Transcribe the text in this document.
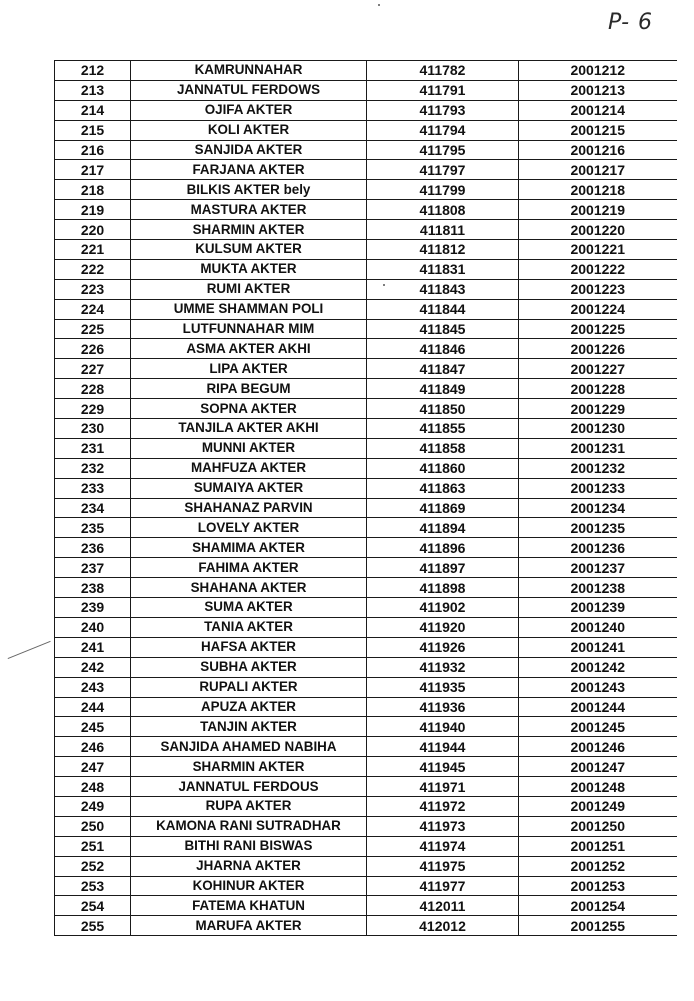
P- 6
212	KAMRUNNAHAR	411782	2001212
213	JANNATUL FERDOWS	411791	2001213
214	OJIFA AKTER	411793	2001214
215	KOLI AKTER	411794	2001215
216	SANJIDA AKTER	411795	2001216
217	FARJANA AKTER	411797	2001217
218	BILKIS AKTER bely	411799	2001218
219	MASTURA AKTER	411808	2001219
220	SHARMIN AKTER	411811	2001220
221	KULSUM AKTER	411812	2001221
222	MUKTA AKTER	411831	2001222
223	RUMI AKTER	411843	2001223
224	UMME SHAMMAN POLI	411844	2001224
225	LUTFUNNAHAR MIM	411845	2001225
226	ASMA AKTER AKHI	411846	2001226
227	LIPA AKTER	411847	2001227
228	RIPA BEGUM	411849	2001228
229	SOPNA AKTER	411850	2001229
230	TANJILA AKTER AKHI	411855	2001230
231	MUNNI AKTER	411858	2001231
232	MAHFUZA AKTER	411860	2001232
233	SUMAIYA AKTER	411863	2001233
234	SHAHANAZ PARVIN	411869	2001234
235	LOVELY AKTER	411894	2001235
236	SHAMIMA AKTER	411896	2001236
237	FAHIMA AKTER	411897	2001237
238	SHAHANA AKTER	411898	2001238
239	SUMA AKTER	411902	2001239
240	TANIA AKTER	411920	2001240
241	HAFSA AKTER	411926	2001241
242	SUBHA AKTER	411932	2001242
243	RUPALI AKTER	411935	2001243
244	APUZA AKTER	411936	2001244
245	TANJIN AKTER	411940	2001245
246	SANJIDA AHAMED NABIHA	411944	2001246
247	SHARMIN AKTER	411945	2001247
248	JANNATUL FERDOUS	411971	2001248
249	RUPA AKTER	411972	2001249
250	KAMONA RANI SUTRADHAR	411973	2001250
251	BITHI RANI BISWAS	411974	2001251
252	JHARNA AKTER	411975	2001252
253	KOHINUR AKTER	411977	2001253
254	FATEMA KHATUN	412011	2001254
255	MARUFA AKTER	412012	2001255
